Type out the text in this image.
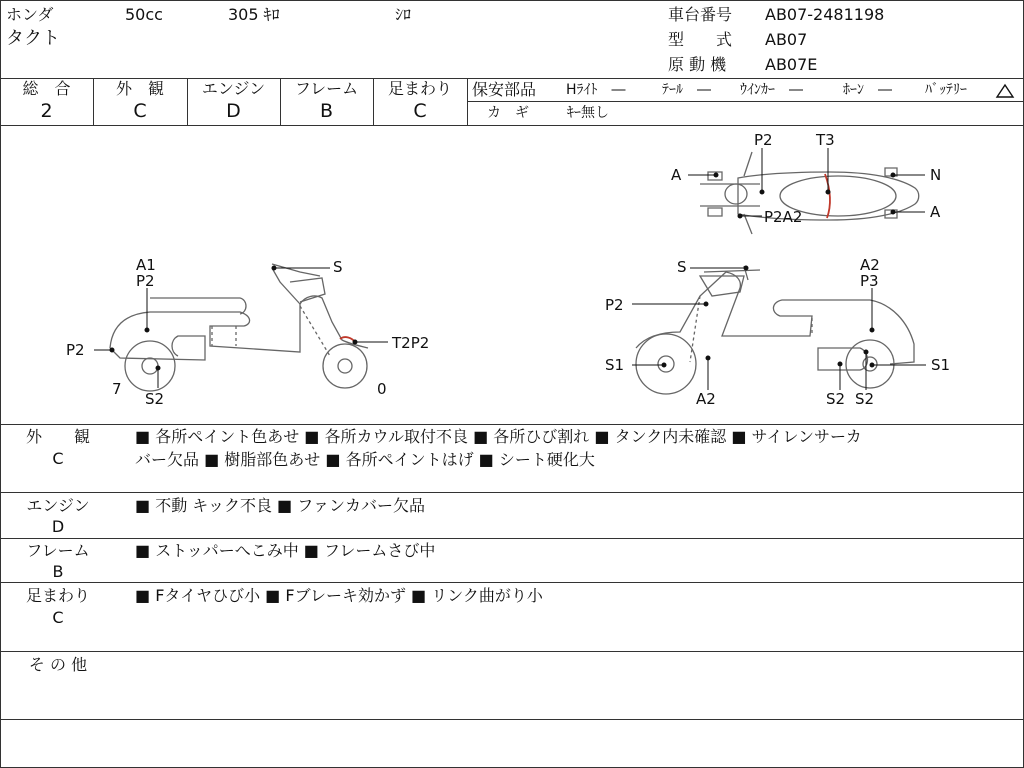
ホンダ	50cc	305 ｷﾛ	ｼﾛ
タクト
車台番号 AB07-2481198
型　　式 AB07
原 動 機 AB07E
総　合
2
外　観
C
エンジン
D
フレーム
B
足まわり
C
保安部品 Hﾗｲﾄ　―	ﾃｰﾙ　― ｳｲﾝｶｰ　―	ﾎｰﾝ　― ﾊﾞｯﾃﾘｰ
カ　ギ	ｷｰ無し
P2	T3
A	N
A
P2A2
A1
P2
S
P2	T2P2
7
S2
0
S	A2
P3
P2
S1	S1
A2	S2 S2
外　　観
C
■ 各所ペイント色あせ ■ 各所カウル取付不良 ■ 各所ひび割れ ■ タンク内未確認 ■ サイレンサーカ
バー欠品 ■ 樹脂部色あせ ■ 各所ペイントはげ ■ シート硬化大
エンジン
D
■ 不動 キック不良 ■ ファンカバー欠品
フレーム
B
■ ストッパーへこみ中 ■ フレームさび中
足まわり
C
■ Fタイヤひび小 ■ Fブレーキ効かず ■ リンク曲がり小
そ の 他
